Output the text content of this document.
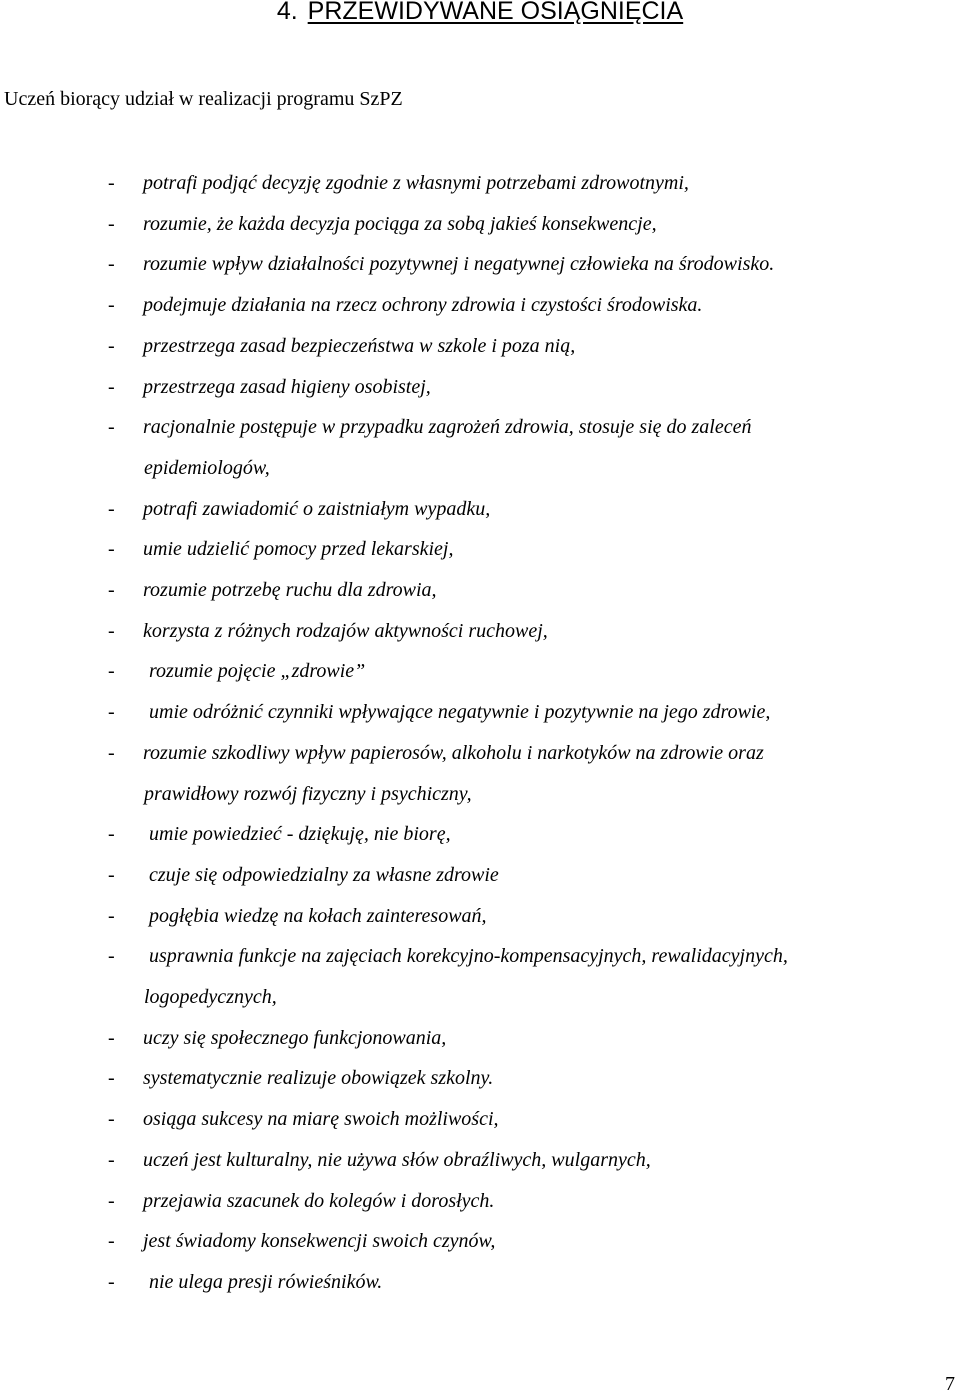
4. PRZEWIDYWANE OSIĄGNIĘCIA
Uczeń biorący udział w realizacji programu SzPZ
- potrafi podjąć decyzję zgodnie z własnymi potrzebami zdrowotnymi,
- rozumie, że każda decyzja pociąga za sobą jakieś konsekwencje,
- rozumie wpływ działalności pozytywnej i negatywnej człowieka na środowisko.
- podejmuje działania na rzecz ochrony zdrowia i czystości środowiska.
- przestrzega zasad bezpieczeństwa w szkole i poza nią,
- przestrzega zasad higieny osobistej,
- racjonalnie postępuje w przypadku zagrożeń zdrowia, stosuje się do zaleceń
epidemiologów,
- potrafi zawiadomić o zaistniałym wypadku,
- umie udzielić pomocy przed lekarskiej,
- rozumie potrzebę ruchu dla zdrowia,
- korzysta z różnych rodzajów aktywności ruchowej,
- rozumie pojęcie „zdrowie”
- umie odróżnić czynniki wpływające negatywnie i pozytywnie na jego zdrowie,
- rozumie szkodliwy wpływ papierosów, alkoholu i narkotyków na zdrowie oraz
prawidłowy rozwój fizyczny i psychiczny,
- umie powiedzieć - dziękuję, nie biorę,
- czuje się odpowiedzialny za własne zdrowie
- pogłębia wiedzę na kołach zainteresowań,
- usprawnia funkcje na zajęciach korekcyjno-kompensacyjnych, rewalidacyjnych,
logopedycznych,
- uczy się społecznego funkcjonowania,
- systematycznie realizuje obowiązek szkolny.
- osiąga sukcesy na miarę swoich możliwości,
- uczeń jest kulturalny, nie używa słów obraźliwych, wulgarnych,
- przejawia szacunek do kolegów i dorosłych.
- jest świadomy konsekwencji swoich czynów,
- nie ulega presji rówieśników.
7
